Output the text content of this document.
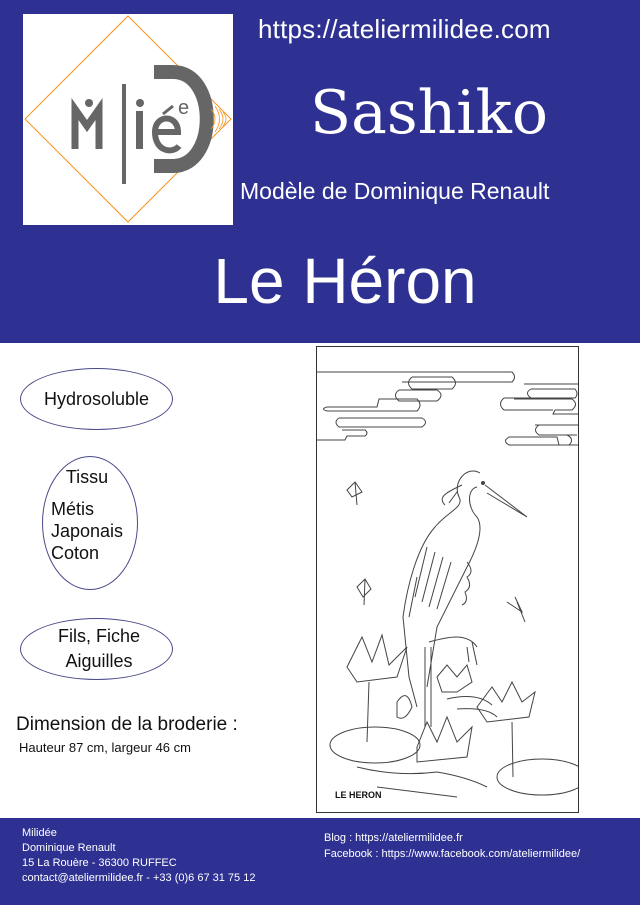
e
https://ateliermilidee.com
Sashiko
Modèle de Dominique Renault
Le Héron
Hydrosoluble
Tissu
Métis
Japonais
Coton
Fils, Fiche
Aiguilles
Dimension de la broderie :
Hauteur 87 cm, largeur 46 cm
LE HERON
Milidée
Dominique Renault
15 La Rouère - 36300 RUFFEC
contact@ateliermilidee.fr - +33 (0)6 67 31 75 12
Blog : https://ateliermilidee.fr
Facebook : https://www.facebook.com/ateliermilidee/
